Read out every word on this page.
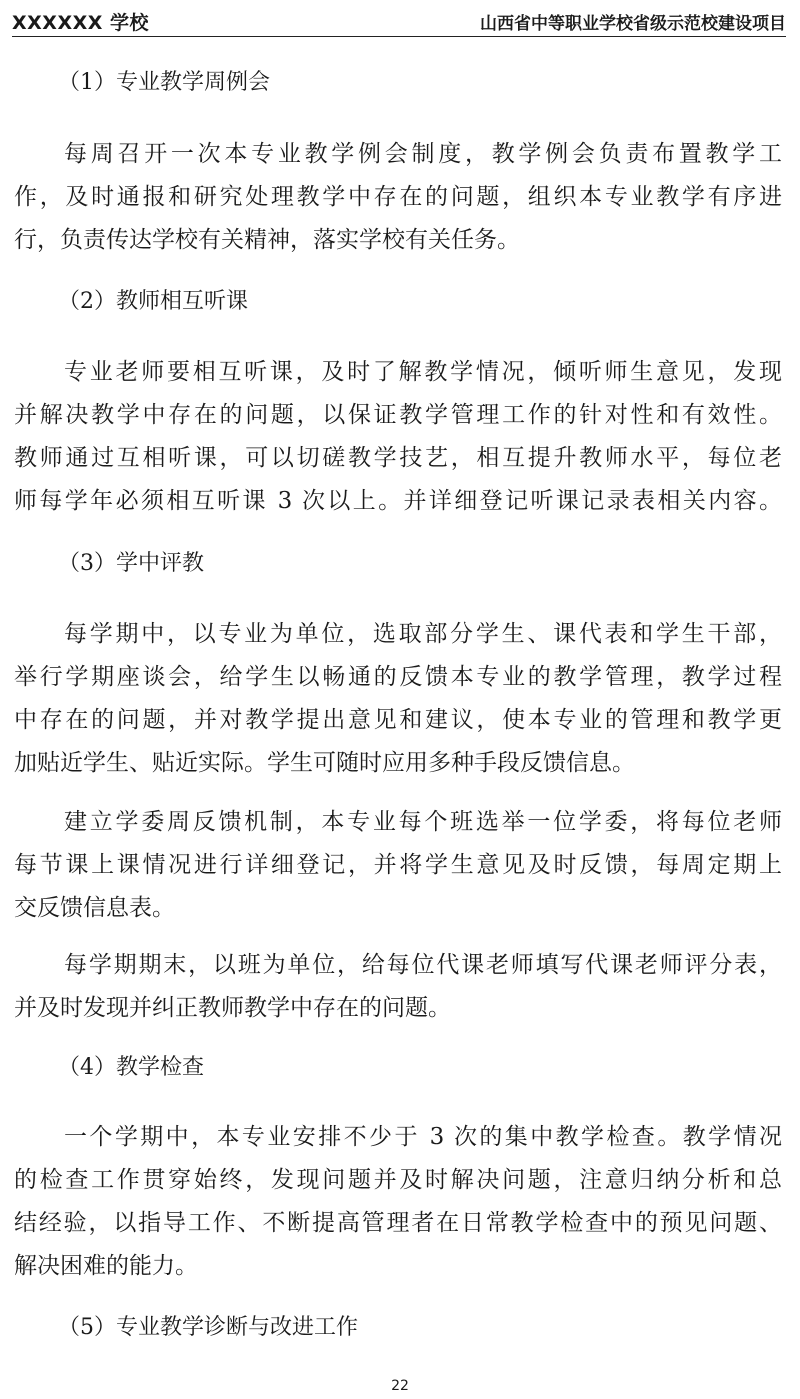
XXXXXX 学校	山西省中等职业学校省级示范校建设项目
（1）专业教学周例会
每周召开一次本专业教学例会制度，教学例会负责布置教学工
作，及时通报和研究处理教学中存在的问题，组织本专业教学有序进
行，负责传达学校有关精神，落实学校有关任务。
（2）教师相互听课
专业老师要相互听课，及时了解教学情况，倾听师生意见，发现
并解决教学中存在的问题，以保证教学管理工作的针对性和有效性。
教师通过互相听课，可以切磋教学技艺，相互提升教师水平，每位老
师每学年必须相互听课 3 次以上。并详细登记听课记录表相关内容。
（3）学中评教
每学期中，以专业为单位，选取部分学生、课代表和学生干部，
举行学期座谈会，给学生以畅通的反馈本专业的教学管理，教学过程
中存在的问题，并对教学提出意见和建议，使本专业的管理和教学更
加贴近学生、贴近实际。学生可随时应用多种手段反馈信息。
建立学委周反馈机制，本专业每个班选举一位学委，将每位老师
每节课上课情况进行详细登记，并将学生意见及时反馈，每周定期上
交反馈信息表。
每学期期末，以班为单位，给每位代课老师填写代课老师评分表，
并及时发现并纠正教师教学中存在的问题。
（4）教学检查
一个学期中，本专业安排不少于 3 次的集中教学检查。教学情况
的检查工作贯穿始终，发现问题并及时解决问题，注意归纳分析和总
结经验，以指导工作、不断提高管理者在日常教学检查中的预见问题、
解决困难的能力。
（5）专业教学诊断与改进工作
22
